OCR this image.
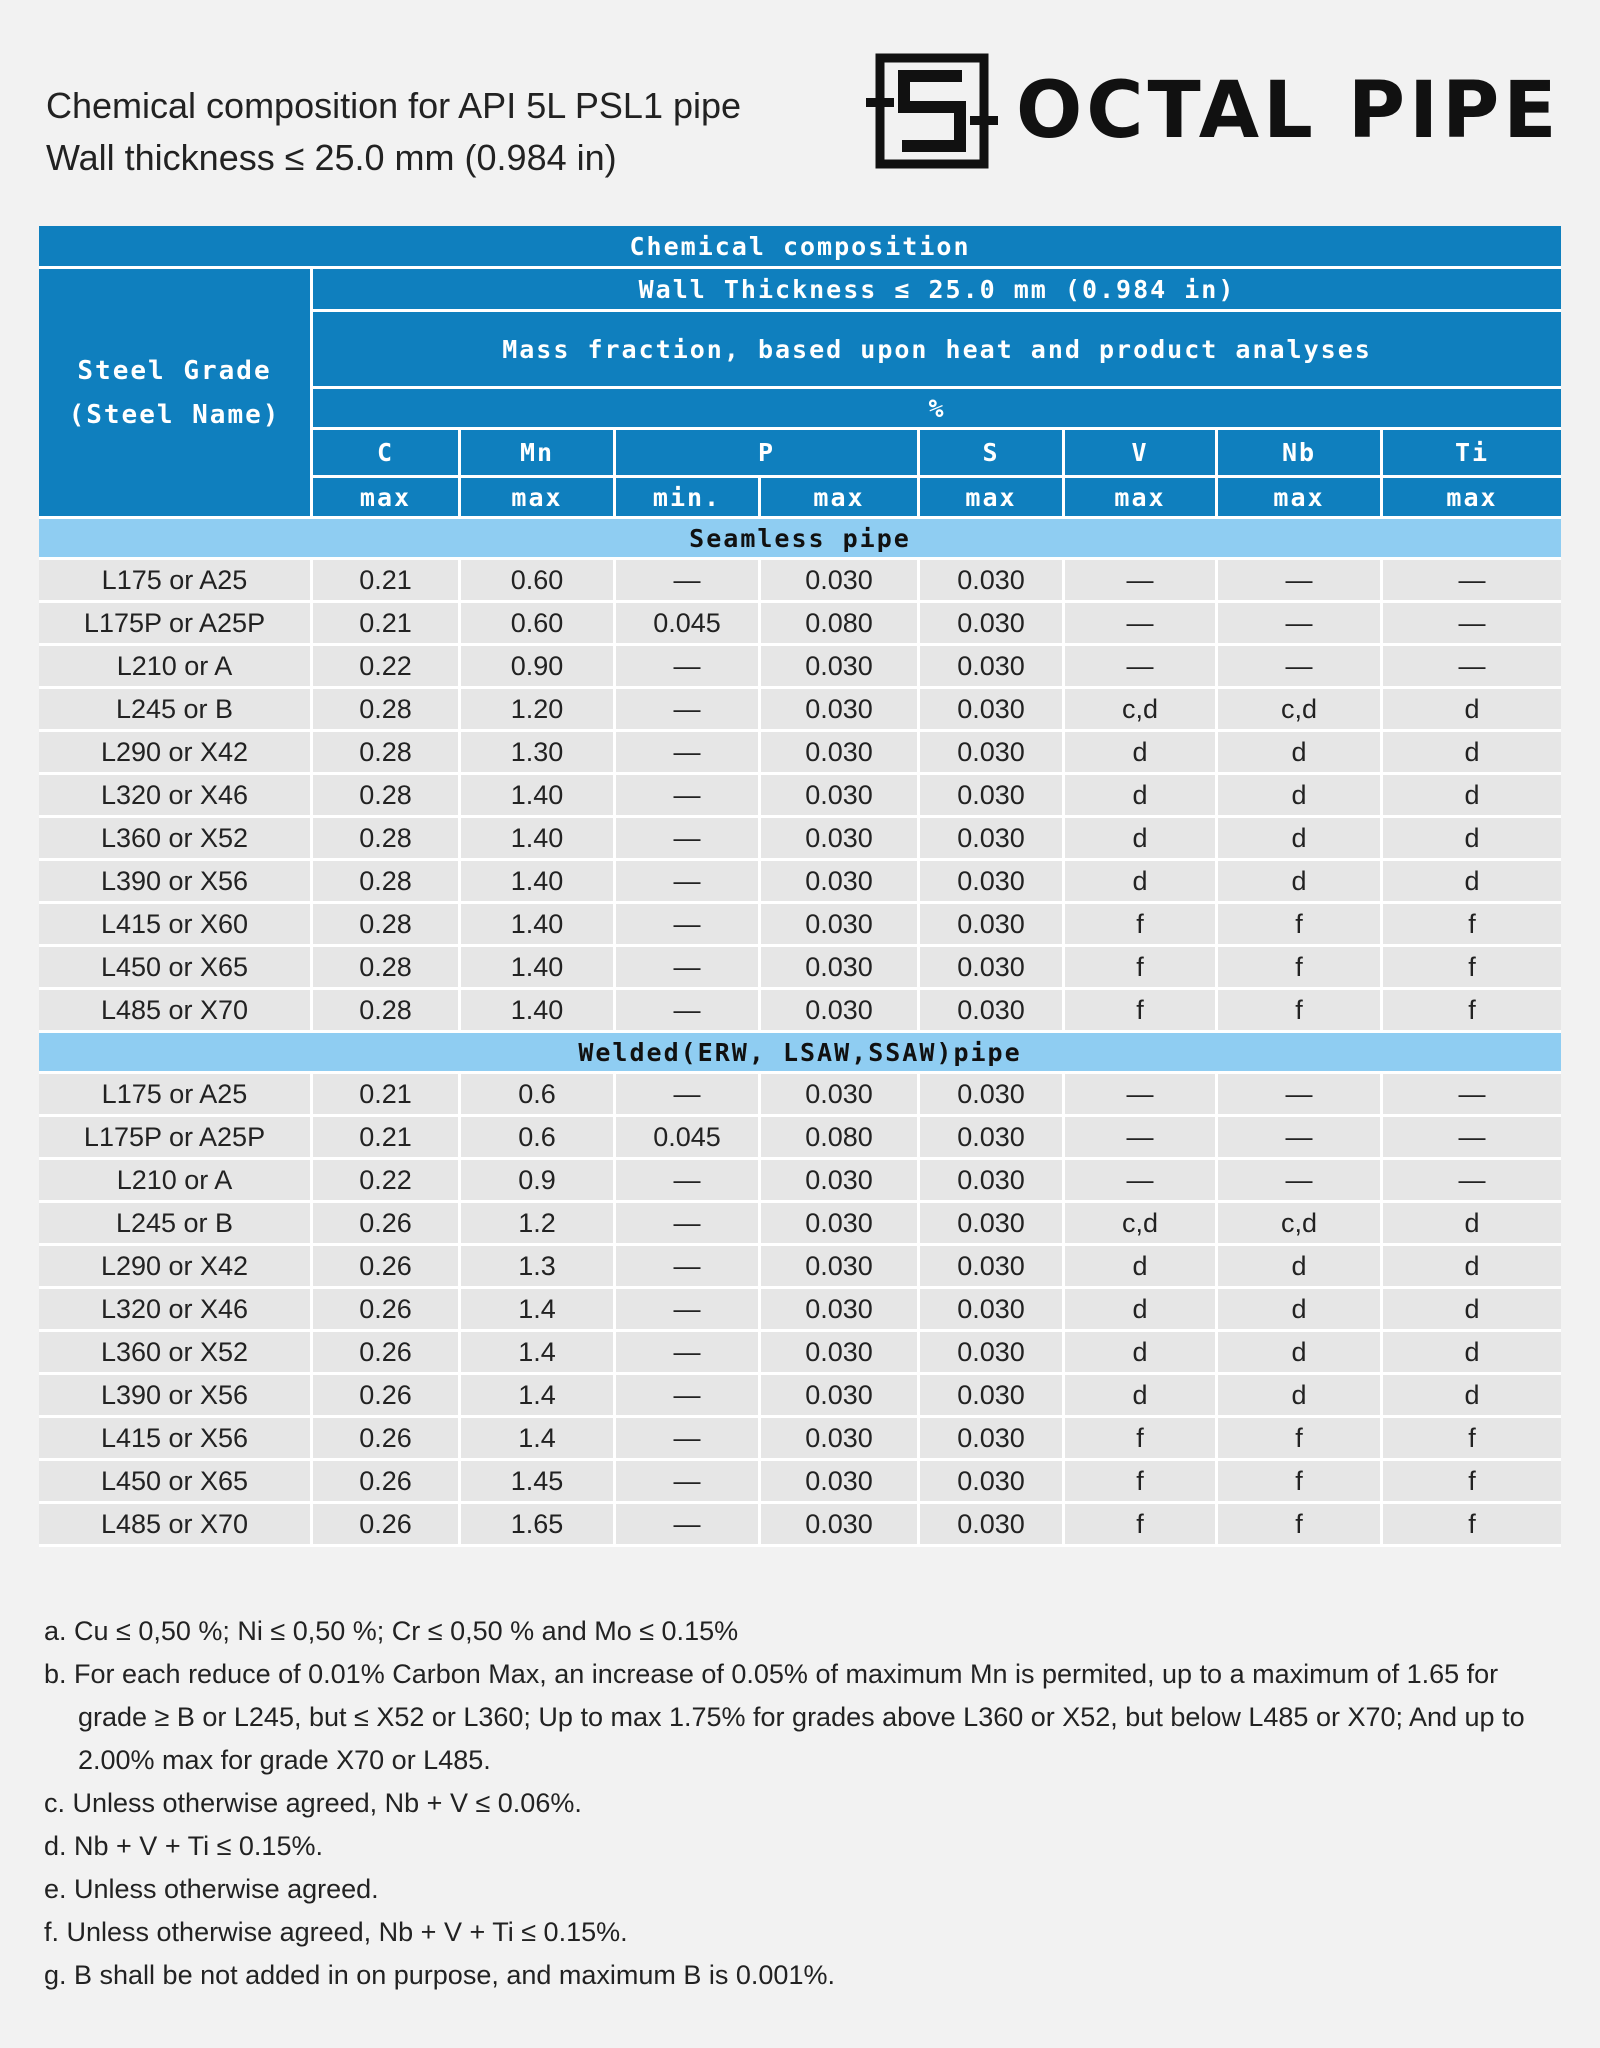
Chemical composition for API 5L PSL1 pipe
Wall thickness ≤ 25.0 mm (0.984 in)
OCTAL PIPE
Chemical composition								
Steel Grade (Steel Name)	Wall Thickness ≤ 25.0 mm (0.984 in)							
	Mass fraction, based upon heat and product analyses							
	%							
	C	Mn	P		S	V	Nb	Ti
	max	max	min.	max	max	max	max	max
Seamless pipe								
L175 or A25	0.21	0.60	—	0.030	0.030	—	—	—
L175P or A25P	0.21	0.60	0.045	0.080	0.030	—	—	—
L210 or A	0.22	0.90	—	0.030	0.030	—	—	—
L245 or B	0.28	1.20	—	0.030	0.030	c,d	c,d	d
L290 or X42	0.28	1.30	—	0.030	0.030	d	d	d
L320 or X46	0.28	1.40	—	0.030	0.030	d	d	d
L360 or X52	0.28	1.40	—	0.030	0.030	d	d	d
L390 or X56	0.28	1.40	—	0.030	0.030	d	d	d
L415 or X60	0.28	1.40	—	0.030	0.030	f	f	f
L450 or X65	0.28	1.40	—	0.030	0.030	f	f	f
L485 or X70	0.28	1.40	—	0.030	0.030	f	f	f
Welded(ERW, LSAW,SSAW)pipe								
L175 or A25	0.21	0.6	—	0.030	0.030	—	—	—
L175P or A25P	0.21	0.6	0.045	0.080	0.030	—	—	—
L210 or A	0.22	0.9	—	0.030	0.030	—	—	—
L245 or B	0.26	1.2	—	0.030	0.030	c,d	c,d	d
L290 or X42	0.26	1.3	—	0.030	0.030	d	d	d
L320 or X46	0.26	1.4	—	0.030	0.030	d	d	d
L360 or X52	0.26	1.4	—	0.030	0.030	d	d	d
L390 or X56	0.26	1.4	—	0.030	0.030	d	d	d
L415 or X56	0.26	1.4	—	0.030	0.030	f	f	f
L450 or X65	0.26	1.45	—	0.030	0.030	f	f	f
L485 or X70	0.26	1.65	—	0.030	0.030	f	f	f

a. Cu ≤ 0,50 %; Ni ≤ 0,50 %; Cr ≤ 0,50 % and Mo ≤ 0.15%

b. For each reduce of 0.01% Carbon Max, an increase of 0.05% of maximum Mn is permited, up to a maximum of 1.65 for grade ≥ B or L245, but ≤ X52 or L360; Up to max 1.75% for grades above L360 or X52, but below L485 or X70; And up to 2.00% max for grade X70 or L485.

c. Unless otherwise agreed, Nb + V ≤ 0.06%.

d. Nb + V + Ti ≤ 0.15%.

e. Unless otherwise agreed.

f. Unless otherwise agreed, Nb + V + Ti ≤ 0.15%.

g. B shall be not added in on purpose, and maximum B is 0.001%.
